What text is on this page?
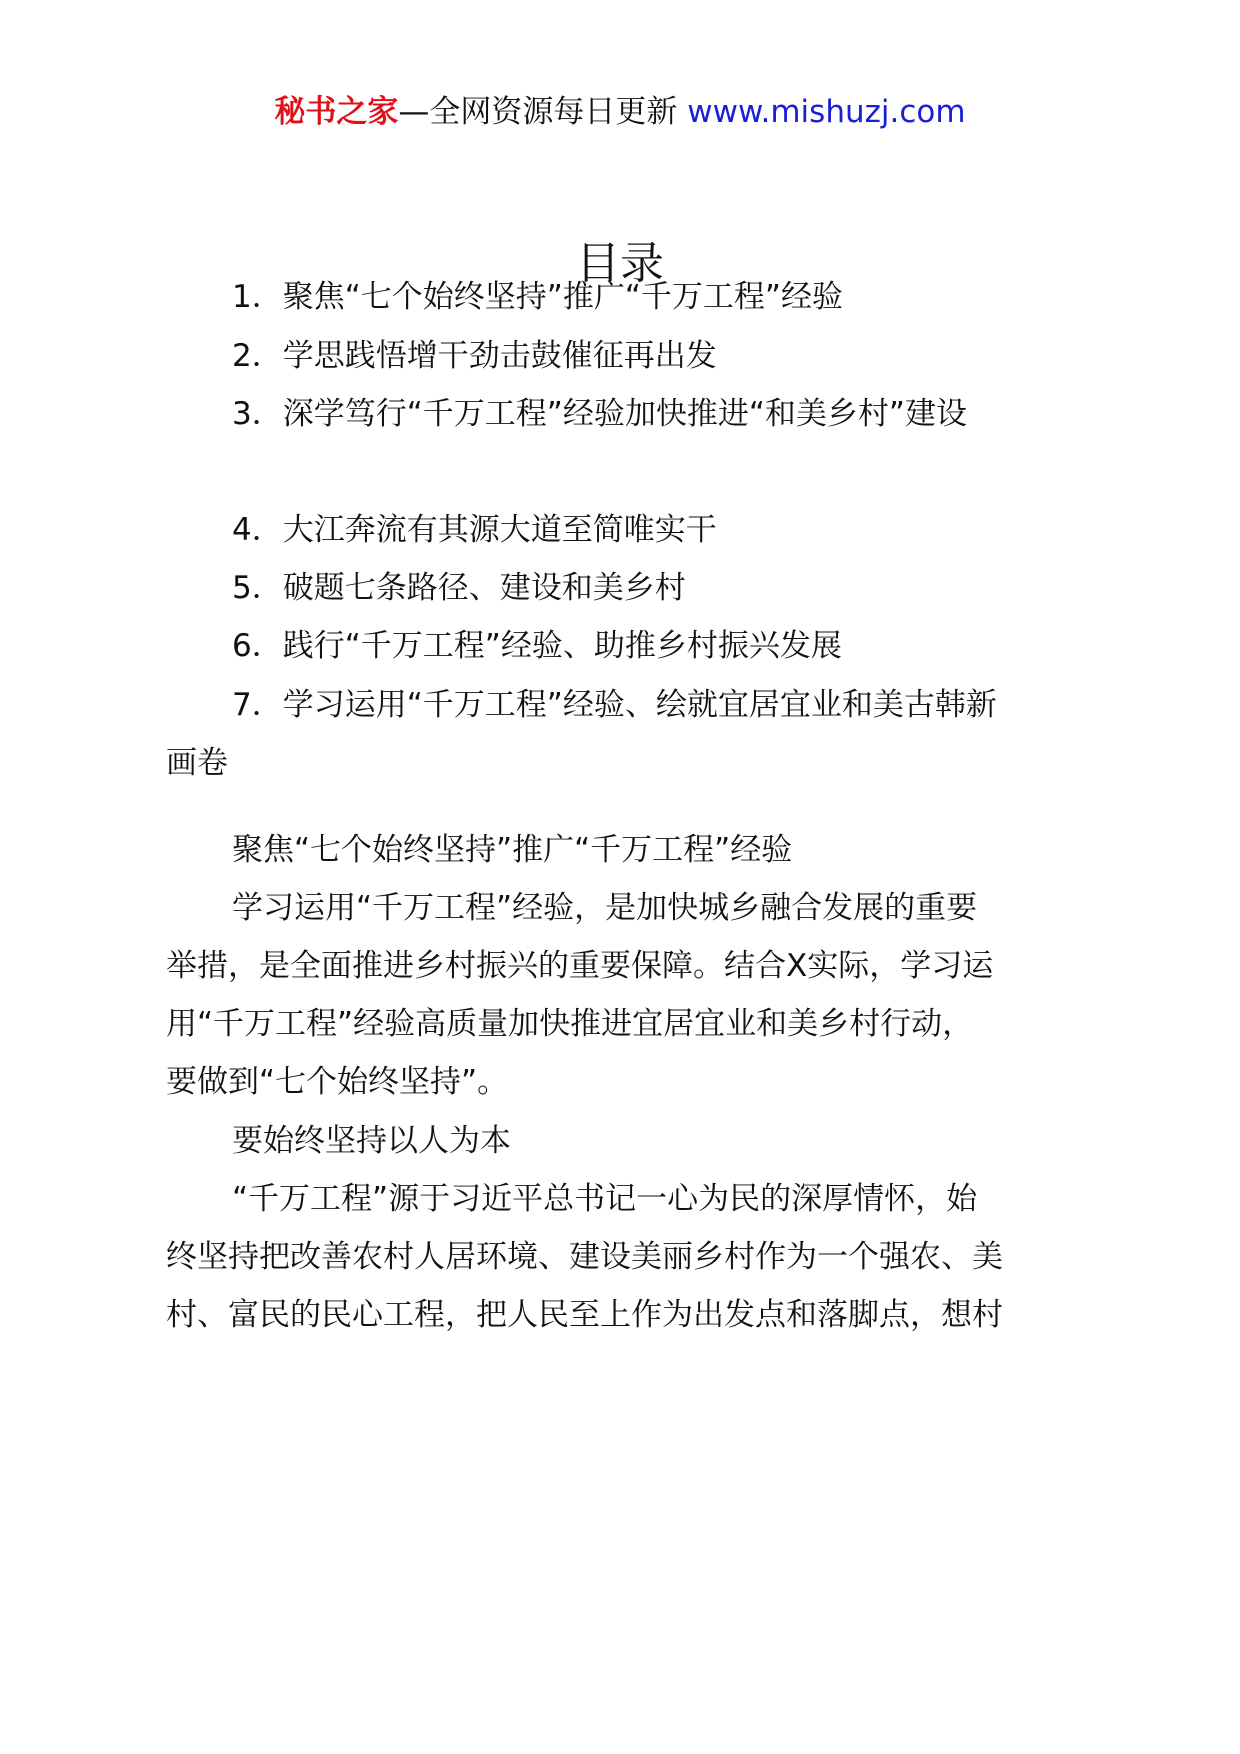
秘书之家—全网资源每日更新 www.mishuzj.com
目录
1．聚焦“七个始终坚持”推广“千万工程”经验
2．学思践悟增干劲击鼓催征再出发
3．深学笃行“千万工程”经验加快推进“和美乡村”建设
4．大江奔流有其源大道至简唯实干
5．破题七条路径、建设和美乡村
6．践行“千万工程”经验、助推乡村振兴发展
7．学习运用“千万工程”经验、绘就宜居宜业和美古韩新
画卷
聚焦“七个始终坚持”推广“千万工程”经验
学习运用“千万工程”经验，是加快城乡融合发展的重要
举措，是全面推进乡村振兴的重要保障。结合X实际，学习运
用“千万工程”经验高质量加快推进宜居宜业和美乡村行动，
要做到“七个始终坚持”。
要始终坚持以人为本
“千万工程”源于习近平总书记一心为民的深厚情怀，始
终坚持把改善农村人居环境、建设美丽乡村作为一个强农、美
村、富民的民心工程，把人民至上作为出发点和落脚点，想村
